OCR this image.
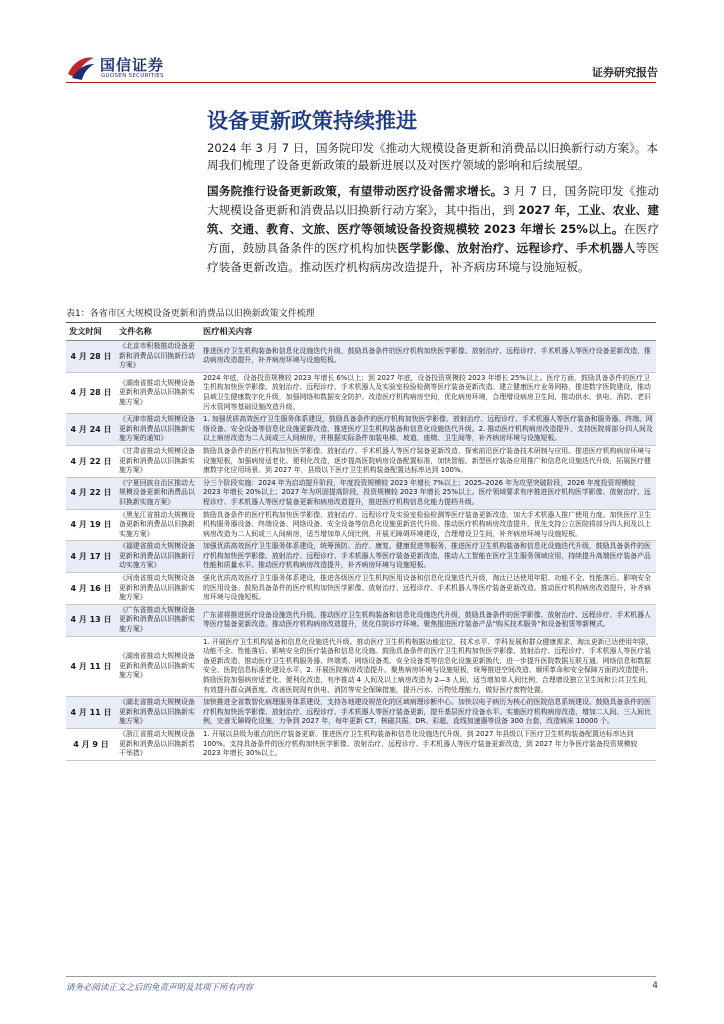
国信证券
GUOSEN SECURITIES	证券研究报告
设备更新政策持续推进
2024 年 3 月 7 日，国务院印发《推动大规模设备更新和消费品以旧换新行动方案》。本周我们梳理了设备更新政策的最新进展以及对医疗领域的影响和后续展望。
国务院推行设备更新政策，有望带动医疗设备需求增长。3 月 7 日，国务院印发《推动大规模设备更新和消费品以旧换新行动方案》，其中指出，到 2027 年，工业、农业、建筑、交通、教育、文旅、医疗等领域设备投资规模较 2023 年增长 25%以上。在医疗方面，鼓励具备条件的医疗机构加快医学影像、放射治疗、远程诊疗、手术机器人等医疗装备更新改造。推动医疗机构病房改造提升，补齐病房环境与设施短板。
表1：各省市区大规模设备更新和消费品以旧换新政策文件梳理
发文时间	文件名称	医疗相关内容
4 月 28 日	《北京市积极推动设备更新和消费品以旧换新行动方案》	推进医疗卫生机构装备和信息化设施迭代升级，鼓励具备条件的医疗机构加快医学影像、放射治疗、远程诊疗、手术机器人等医疗设备更新改造，推动病房改造提升，补齐病房环境与设施短板。
4 月 28 日	《湖南省推动大规模设备更新和消费品以旧换新实施方案》	2024 年底，设备投资规模较 2023 年增长 6%以上；到 2027 年底，设备投资规模较 2023 年增长 25%以上。医疗方面，鼓励具备条件的医疗卫生机构加快医学影像、放射治疗、远程诊疗、手术机器人及实验室检验检测等医疗装备更新改造。建立健康医疗业务网格，推进数字医院建设，推动县域卫生健康数字化升级，加强网络和数据安全防护。改造医疗机构病房空间，优化病房环境，合理增设病房卫生间，推动供水、供电、消防、老旧污水管网等基础设施改造升级。
4 月 24 日	《天津市推动大规模设备更新和消费品以旧换新实施方案的通知》	1. 加强优质高效医疗卫生服务体系建设，鼓励具备条件的医疗机构加快医学影像、放射治疗、远程诊疗、手术机器人等医疗装备和服务器、终端、网络设备、安全设备等信息化设施更新改造，推进医疗卫生机构装备和信息化设施迭代升级。2. 推动医疗机构病房改造提升，支持医院将部分四人间及以上病房改造为二人间或三人间病房，并根据实际条件加装电梯、坡道、座椅、卫生间等，补齐病房环境与设施短板。
4 月 22 日	《甘肃省推动大规模设备更新和消费品以旧换新实施方案》	鼓励具备条件的医疗机构加快医学影像、放射治疗、手术机器人等医疗装备更新改造，探索前沿医疗装备技术研制与应用。推进医疗机构病房环境与设施短板，加强病房适老化、便利化改造，逐步提高医院病房设备配置标准，加快智能、新型医疗装备应用推广和信息化设施迭代升级，拓展医疗健康数字化应用场景。到 2027 年，县级以下医疗卫生机构装备配置达标率达到 100%。
4 月 22 日	《宁夏回族自治区推动大规模设备更新和消费品以旧换新实施方案》	分三个阶段实施：2024 年为启动提升阶段，年度投资规模较 2023 年增长 7%以上；2025–2026 年为攻坚突破阶段，2026 年度投资规模较 2023 年增长 20%以上；2027 年为巩固提高阶段，投资规模较 2023 年增长 25%以上。医疗领域要求有序推进医疗机构医学影像、放射治疗、远程诊疗、手术机器人等医疗装备更新和病房改造提升，推进医疗机构信息化能力提档升级。
4 月 19 日	《黑龙江省推动大规模设备更新和消费品以旧换新实施方案》	鼓励具备条件的医疗机构加快医学影像、放射治疗、远程诊疗及实验室检验检测等医疗装备更新改造，加大手术机器人推广使用力度。加快医疗卫生机构服务器设备、终端设备、网络设备、安全设备等信息化设施更新迭代升级。推动医疗机构病房改造提升，优先支持公立医院将部分四人间及以上病房改造为二人间或三人间病房，适当增加单人间比例，开展无障碍环境建设，合理增设卫生间，补齐病房环境与设施短板。
4 月 17 日	《福建省推动大规模设备更新和消费品以旧换新行动实施方案》	加强优质高效医疗卫生服务体系建设，统筹预防、治疗、康复、健康促进等服务，推进医疗卫生机构装备和信息化设施迭代升级，鼓励具备条件的医疗机构加快医学影像、放射治疗、远程诊疗、手术机器人等医疗装备更新改造，推动人工智能在医疗卫生服务领域应用，持续提升高端医疗装备产品性能和质量水平。推动医疗机构病房改造提升，补齐病房环境与设施短板。
4 月 16 日	《河南省推动大规模设备更新和消费品以旧换新实施方案》	强化优质高效医疗卫生服务体系建设，推进各级医疗卫生机构医用设备和信息化设施迭代升级，淘汰已达使用年限、功能不全、性能落后、影响安全的医用设备。鼓励具备条件的医疗机构加快医学影像、放射治疗、远程诊疗、手术机器人等医疗装备更新改造。推动医疗机构病房改造提升，补齐病房环境与设施短板。
4 月 13 日	《广东省推动大规模设备更新和消费品以旧换新实施方案》	广东省将推进医疗设备设施迭代升级。推动医疗卫生机构装备和信息化设施迭代升级，鼓励具备条件的医学影像、放射治疗、远程诊疗、手术机器人等医疗装备更新改造。推动医疗机构病房改造提升，优化住院诊疗环境。聚焦推进医疗装备产品“购买技术服务”和设备租赁等新模式。
4 月 11 日	《湖南省推动大规模设备更新和消费品以旧换新实施方案》	1. 开展医疗卫生机构装备和信息化设施迭代升级。推动医疗卫生机构根据功能定位、技术水平、学科发展和群众健康需求，淘汰更新已达使用年限、功能不全、性能落后、影响安全的医疗装备和信息化设施。鼓励具备条件的医疗卫生机构加快医学影像、放射治疗、远程诊疗、手术机器人等医疗装备更新改造。推动医疗卫生机构服务器、终端类、网络设备类、安全设备类等信息化设施更新换代，进一步提升医院数据互联互通、网络信息和数据安全、医院信息标准化建设水平。2. 开展医院病房改造提升。聚焦病房环境与设施短板，统筹推进空间改造、顺所革命和安全保障方面的改造提升。鼓励医院加强病房适老化、便利化改造，有序推动 4 人间及以上病房改造为 2—3 人间，适当增加单人间比例，合理增设独立卫生间和公共卫生间，有效提升群众满意度。改善医院现有供电、消防等安全保障措施，提升污水、污物处理能力，做好医疗废物处置。
4 月 11 日	《湖北省推动大规模设备更新和消费品以旧换新实施方案》	加快推进全省数智化病理服务体系建设，支持各地建设规范化的区域病理诊断中心。加快以电子病历为核心的医院信息系统建设。鼓励具备条件的医疗机构加快医学影像、放射治疗、远程诊疗、手术机器人等医疗装备更新，提升基层医疗设备水平。实施医疗机构病房改造，增加二人间、三人间比例，完善无障碍化设施，力争到 2027 年，每年更新 CT、核磁共振、DR、彩超、直线加速器等设备 300 台套，改造病床 10000 个。
4 月 9 日	《浙江省推动大规模设备更新和消费品以旧换新若干举措》	1. 开展以县级为重点的医疗装备更新。推进医疗卫生机构装备和信息化设施迭代升级，到 2027 年县级以下医疗卫生机构装备配置达标率达到 100%。支持具备条件的医疗机构加快医学影像、放射治疗、远程诊疗、手术机器人等医疗装备更新改造，到 2027 年力争医疗装备投资规模较 2023 年增长 30%以上。
请务必阅读正文之后的免责声明及其项下所有内容	4
